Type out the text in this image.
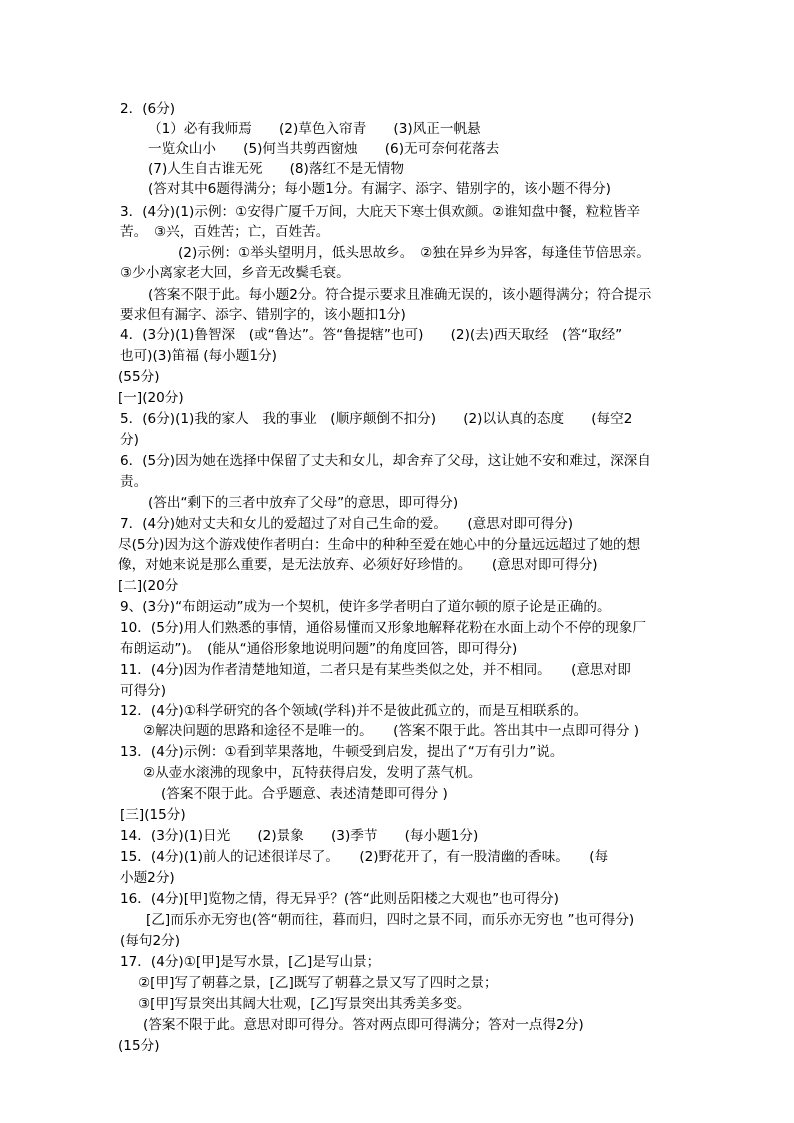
2．(6分)
（1）必有我师焉　　(2)草色入帘青　　(3)风正一帆悬
一览众山小　　(5)何当共剪西窗烛　　(6)无可奈何花落去
(7)人生自古谁无死　　(8)落红不是无情物
(答对其中6题得满分；每小题1分。有漏字、添字、错别字的，该小题不得分)
3．(4分)(1)示例：①安得广厦千万间，大庇天下寒士俱欢颜。②谁知盘中餐，粒粒皆辛
苦。　③兴，百姓苦；亡，百姓苦。
(2)示例：①举头望明月，低头思故乡。　②独在异乡为异客，每逢佳节倍思亲。
③少小离家老大回，乡音无改鬓毛衰。
(答案不限于此。每小题2分。符合提示要求且准确无误的，该小题得满分；符合提示
要求但有漏字、添字、错别字的，该小题扣1分)
4．(3分)(1)鲁智深　(或“鲁达”。答“鲁提辖”也可)　　(2)(去)西天取经　(答“取经”
也可)(3)笛福 (每小题1分)
(55分)
[一](20分)
5．(6分)(1)我的家人　我的事业　(顺序颠倒不扣分)　　(2)以认真的态度　　(每空2
分)
6．(5分)因为她在选择中保留了丈夫和女儿，却舍弃了父母，这让她不安和难过，深深自
责。
(答出“剩下的三者中放弃了父母”的意思，即可得分)
7．(4分)她对丈夫和女儿的爱超过了对自己生命的爱。　　(意思对即可得分)
尽(5分)因为这个游戏使作者明白：生命中的种种至爱在她心中的分量远远超过了她的想
像，对她来说是那么重要，是无法放弃、必须好好珍惜的。　　(意思对即可得分)
[二](20分
9、(3分)“布朗运动”成为一个契机，使许多学者明白了道尔顿的原子论是正确的。
10．(5分)用人们熟悉的事情，通俗易懂而又形象地解释花粉在水面上动个不停的现象厂
布朗运动”)。　(能从“通俗形象地说明问题”的角度回答，即可得分)
11．(4分)因为作者清楚地知道，二者只是有某些类似之处，并不相同。　　(意思对即
可得分)
12．(4分)①科学研究的各个领域(学科)并不是彼此孤立的，而是互相联系的。
②解决问题的思路和途径不是唯一的。　　(答案不限于此。答出其中一点即可得分 )
13．(4分)示例：①看到苹果落地，牛顿受到启发，提出了“万有引力”说。
②从壶水滚沸的现象中，瓦特获得启发，发明了蒸气机。
(答案不限于此。合乎题意、表述清楚即可得分 )
[三](15分)
14．(3分)(1)日光　　(2)景象　　(3)季节　　(每小题1分)
15．(4分)(1)前人的记述很详尽了。　　(2)野花开了，有一股清幽的香味。　　(每
小题2分)
16．(4分)[甲]览物之情，得无异乎？(答“此则岳阳楼之大观也”也可得分)
[乙]而乐亦无穷也(答“朝而往，暮而归，四时之景不同，而乐亦无穷也 ”也可得分)
(每句2分)
17．(4分)①[甲]是写水景，[乙]是写山景；
②[甲]写了朝暮之景，[乙]既写了朝暮之景又写了四时之景；
③[甲]写景突出其阔大壮观，[乙]写景突出其秀美多变。
(答案不限于此。意思对即可得分。答对两点即可得满分；答对一点得2分)
(15分)
